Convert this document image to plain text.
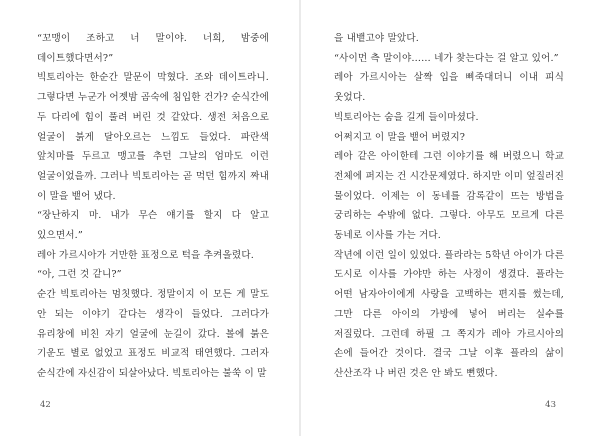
“꼬맹이 조하고 너 말이야. 너희, 밤중에 데이트했다면서?”

빅토리아는 한순간 말문이 막혔다. 조와 데이트라니. 그렇다면 누군가 어젯밤 곰숙에 침입한 건가? 순식간에 두 다리에 힘이 풀려 버린 것 같았다. 생전 처음으로 얼굴이 붉게 달아오르는 느낌도 들었다. 파란색 앞치마를 두르고 맹고를 추던 그날의 엄마도 이런 얼굴이었을까. 그러나 빅토리아는 곧 먹던 힘까지 짜내 이 말을 뱉어 냈다.

“장난하지 마. 내가 무슨 얘기를 할지 다 알고 있으면서.”

레아 가르시아가 거만한 표정으로 턱을 추켜올렸다.

“아, 그런 것 같니?”

순간 빅토리아는 멈칫했다. 정말이지 이 모든 게 말도 안 되는 이야기 같다는 생각이 들었다. 그러다가 유리창에 비친 자기 얼굴에 눈길이 갔다. 볼에 붉은 기운도 별로 없었고 표정도 비교적 태연했다. 그러자 순식간에 자신감이 되살아났다. 빅토리아는 불쑥 이 말

42

을 내뱉고야 말았다.

“사이먼 측 말이야…… 네가 찾는다는 걸 알고 있어.”

레아 가르시아는 살짝 입을 삐죽대더니 이내 피식 웃었다.

빅토리아는 숨을 길게 들이마셨다.

어쩌지고 이 말을 뱉어 버렸지?

레아 같은 아이한테 그런 이야기를 해 버렸으니 학교 전체에 퍼지는 건 시간문제였다. 하지만 이미 엎질러진 물이었다. 이제는 이 동네를 감록같이 뜨는 방법을 궁리하는 수밖에 없다. 그렇다. 아무도 모르게 다른 동네로 이사를 가는 거다.

작년에 이런 일이 있었다. 플라라는 5학년 아이가 다른 도시로 이사를 가야만 하는 사정이 생겼다. 플라는 어떤 남자아이에게 사랑을 고백하는 편지를 썼는데, 그만 다른 아이의 가방에 넣어 버리는 실수를 저질렀다. 그런데 하필 그 쪽지가 레아 가르시아의 손에 들어간 것이다. 결국 그날 이후 플라의 삶이 산산조각 나 버린 것은 안 봐도 뻔했다.

43
